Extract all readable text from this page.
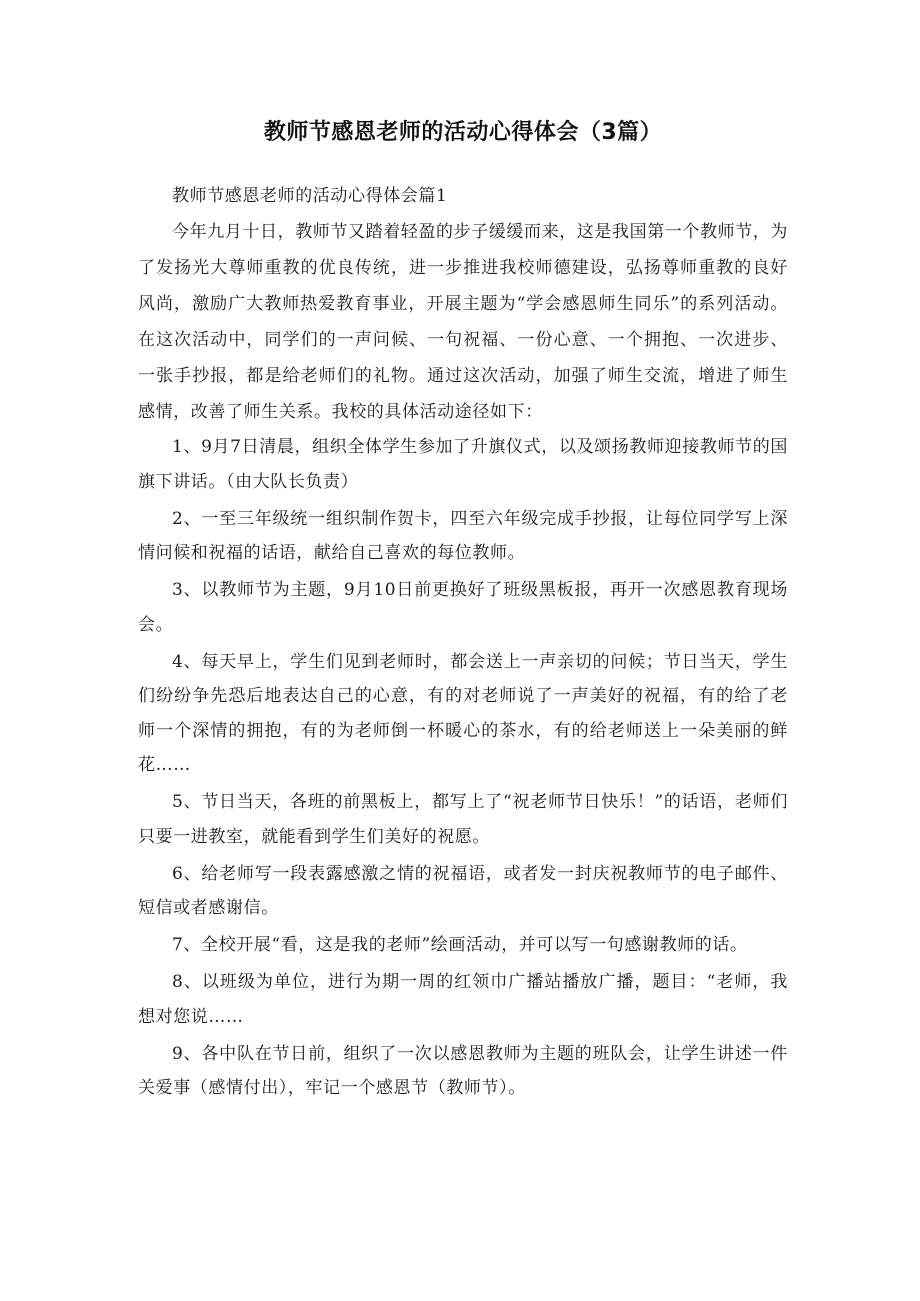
教师节感恩老师的活动心得体会（3篇）

教师节感恩老师的活动心得体会篇1

今年九月十日，教师节又踏着轻盈的步子缓缓而来，这是我国第一个教师节，为了发扬光大尊师重教的优良传统，进一步推进我校师德建设，弘扬尊师重教的良好风尚，激励广大教师热爱教育事业，开展主题为“学会感恩师生同乐”的系列活动。在这次活动中，同学们的一声问候、一句祝福、一份心意、一个拥抱、一次进步、一张手抄报，都是给老师们的礼物。通过这次活动，加强了师生交流，增进了师生感情，改善了师生关系。我校的具体活动途径如下：

1、9月7日清晨，组织全体学生参加了升旗仪式，以及颂扬教师迎接教师节的国旗下讲话。（由大队长负责）

2、一至三年级统一组织制作贺卡，四至六年级完成手抄报，让每位同学写上深情问候和祝福的话语，献给自己喜欢的每位教师。

3、以教师节为主题，9月10日前更换好了班级黑板报，再开一次感恩教育现场会。

4、每天早上，学生们见到老师时，都会送上一声亲切的问候；节日当天，学生们纷纷争先恐后地表达自己的心意，有的对老师说了一声美好的祝福，有的给了老师一个深情的拥抱，有的为老师倒一杯暖心的茶水，有的给老师送上一朵美丽的鲜花……

5、节日当天，各班的前黑板上，都写上了“祝老师节日快乐！”的话语，老师们只要一进教室，就能看到学生们美好的祝愿。

6、给老师写一段表露感激之情的祝福语，或者发一封庆祝教师节的电子邮件、短信或者感谢信。

7、全校开展“看，这是我的老师”绘画活动，并可以写一句感谢教师的话。

8、以班级为单位，进行为期一周的红领巾广播站播放广播，题目：“老师，我想对您说……

9、各中队在节日前，组织了一次以感恩教师为主题的班队会，让学生讲述一件关爱事（感情付出），牢记一个感恩节（教师节）。
